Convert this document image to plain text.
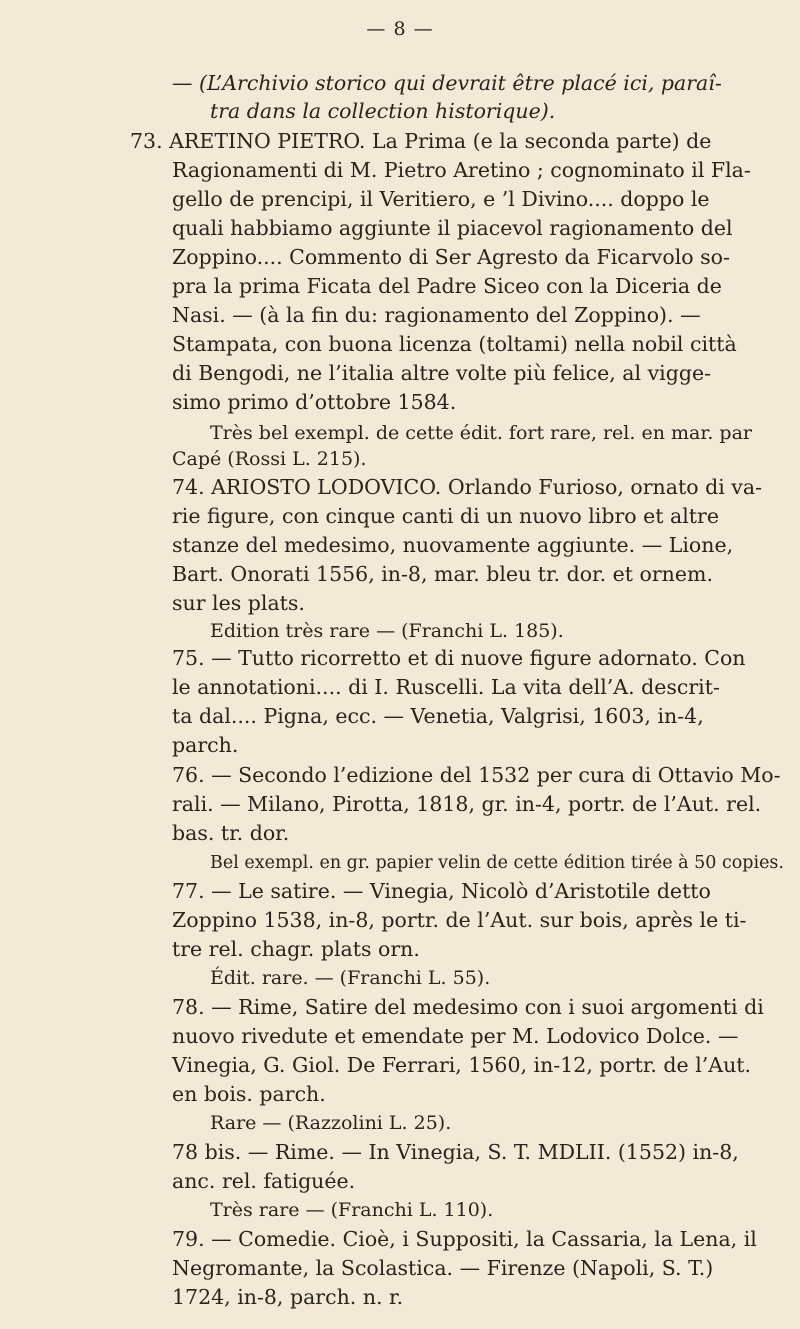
— 8 —
— (L’Archivio storico qui devrait être placé ici, paraî-
tra dans la collection historique).
73. ARETINO PIETRO. La Prima (e la seconda parte) de
Ragionamenti di M. Pietro Aretino ; cognominato il Fla-
gello de prencipi, il Veritiero, e ’l Divino.... doppo le
quali habbiamo aggiunte il piacevol ragionamento del
Zoppino.... Commento di Ser Agresto da Ficarvolo so-
pra la prima Ficata del Padre Siceo con la Diceria de
Nasi. — (à la fin du: ragionamento del Zoppino). —
Stampata, con buona licenza (toltami) nella nobil città
di Bengodi, ne l’italia altre volte più felice, al vigge-
simo primo d’ottobre 1584.
Très bel exempl. de cette édit. fort rare, rel. en mar. par
Capé (Rossi L. 215).
74. ARIOSTO LODOVICO. Orlando Furioso, ornato di va-
rie figure, con cinque canti di un nuovo libro et altre
stanze del medesimo, nuovamente aggiunte. — Lione,
Bart. Onorati 1556, in-8, mar. bleu tr. dor. et ornem.
sur les plats.
Edition très rare — (Franchi L. 185).
75. — Tutto ricorretto et di nuove figure adornato. Con
le annotationi.... di I. Ruscelli. La vita dell’A. descrit-
ta dal.... Pigna, ecc. — Venetia, Valgrisi, 1603, in-4,
parch.
76. — Secondo l’edizione del 1532 per cura di Ottavio Mo-
rali. — Milano, Pirotta, 1818, gr. in-4, portr. de l’Aut. rel.
bas. tr. dor.
Bel exempl. en gr. papier velin de cette édition tirée à 50 copies.
77. — Le satire. — Vinegia, Nicolò d’Aristotile detto
Zoppino 1538, in-8, portr. de l’Aut. sur bois, après le ti-
tre rel. chagr. plats orn.
Édit. rare. — (Franchi L. 55).
78. — Rime, Satire del medesimo con i suoi argomenti di
nuovo rivedute et emendate per M. Lodovico Dolce. —
Vinegia, G. Giol. De Ferrari, 1560, in-12, portr. de l’Aut.
en bois. parch.
Rare — (Razzolini L. 25).
78 bis. — Rime. — In Vinegia, S. T. MDLII. (1552) in-8,
anc. rel. fatiguée.
Très rare — (Franchi L. 110).
79. — Comedie. Cioè, i Suppositi, la Cassaria, la Lena, il
Negromante, la Scolastica. — Firenze (Napoli, S. T.)
1724, in-8, parch. n. r.
